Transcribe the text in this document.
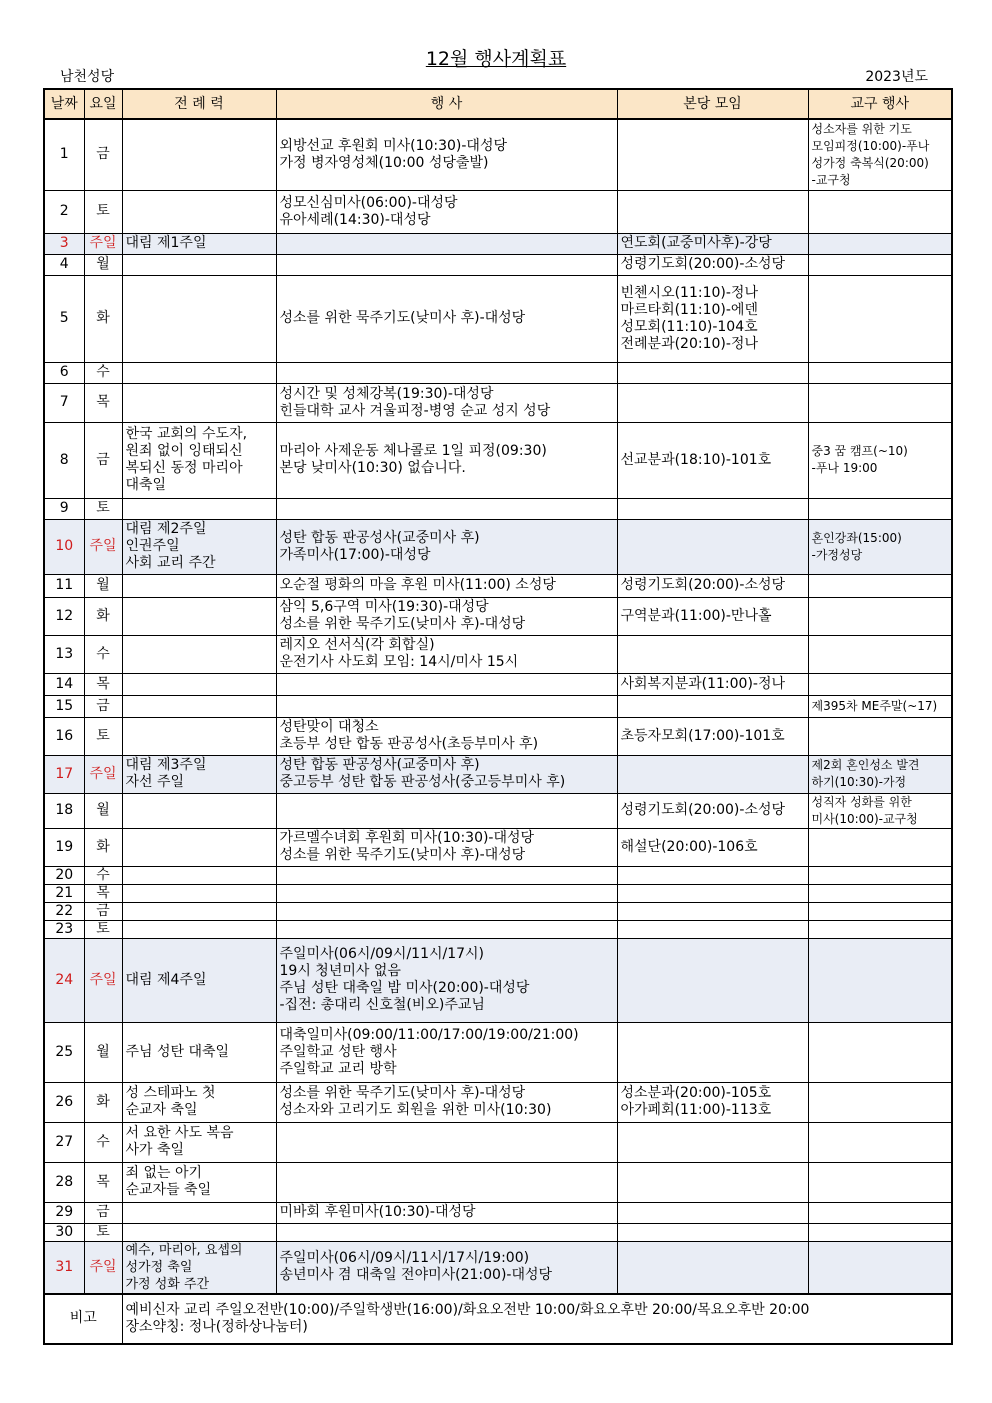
12월 행사계획표
남천성당	2023년도
날짜	요일	전 례 력	행 사	본당 모임	교구 행사
1	금		외방선교 후원회 미사(10:30)-대성당
가정 병자영성체(10:00 성당출발)		성소자를 위한 기도
모임피정(10:00)-푸나
성가정 축복식(20:00)
-교구청

2	토		성모신심미사(06:00)-대성당
유아세례(14:30)-대성당		

3	주일	대림 제1주일		연도회(교중미사후)-강당	

4	월			성령기도회(20:00)-소성당	

5	화		성소를 위한 묵주기도(낮미사 후)-대성당	빈첸시오(11:10)-정나
마르타회(11:10)-에덴
성모회(11:10)-104호
전례분과(20:10)-정나	

6	수				
7	목		성시간 및 성체강복(19:30)-대성당
힌들대학 교사 겨울피정-병영 순교 성지 성당		

8	금	한국 교회의 수도자,
원죄 없이 잉태되신
복되신 동정 마리아
대축일	마리아 사제운동 체나콜로 1일 피정(09:30)
본당 낮미사(10:30) 없습니다.	선교분과(18:10)-101호	중3 꿈 캠프(~10)
-푸나 19:00

9	토				
10	주일	대림 제2주일
인권주일
사회 교리 주간	성탄 합동 판공성사(교중미사 후)
가족미사(17:00)-대성당		혼인강좌(15:00)
-가정성당

11	월		오순절 평화의 마을 후원 미사(11:00) 소성당	성령기도회(20:00)-소성당	

12	화		삼익 5,6구역 미사(19:30)-대성당
성소를 위한 묵주기도(낮미사 후)-대성당	구역분과(11:00)-만나홀	

13	수		레지오 선서식(각 회합실)
운전기사 사도회 모임: 14시/미사 15시		

14	목			사회복지분과(11:00)-정나	

15	금				제395차 ME주말(~17)

16	토		성탄맞이 대청소
초등부 성탄 합동 판공성사(초등부미사 후)	초등자모회(17:00)-101호	

17	주일	대림 제3주일
자선 주일	성탄 합동 판공성사(교중미사 후)
중고등부 성탄 합동 판공성사(중고등부미사 후)		제2회 혼인성소 발견
하기(10:30)-가정

18	월			성령기도회(20:00)-소성당	성직자 성화를 위한
미사(10:00)-교구청

19	화		가르멜수녀회 후원회 미사(10:30)-대성당
성소를 위한 묵주기도(낮미사 후)-대성당	해설단(20:00)-106호	

20	수				
21	목				
22	금				
23	토				
24	주일	대림 제4주일	주일미사(06시/09시/11시/17시)
19시 청년미사 없음
주님 성탄 대축일 밤 미사(20:00)-대성당
-집전: 총대리 신호철(비오)주교님		

25	월	주님 성탄 대축일	대축일미사(09:00/11:00/17:00/19:00/21:00)
주일학교 성탄 행사
주일학교 교리 방학		

26	화	성 스테파노 첫
순교자 축일	성소를 위한 묵주기도(낮미사 후)-대성당
성소자와 고리기도 회원을 위한 미사(10:30)	성소분과(20:00)-105호
아가페회(11:00)-113호	

27	수	서 요한 사도 복음
사가 축일			

28	목	죄 없는 아기
순교자들 축일			

29	금		미바회 후원미사(10:30)-대성당		

30	토				
31	주일	예수, 마리아, 요셉의
성가정 축일
가정 성화 주간	주일미사(06시/09시/11시/17시/19:00)
송년미사 겸 대축일 전야미사(21:00)-대성당		

비고		예비신자 교리 주일오전반(10:00)/주일학생반(16:00)/화요오전반 10:00/화요오후반 20:00/목요오후반 20:00
장소약칭: 정나(정하상나눔터)			
